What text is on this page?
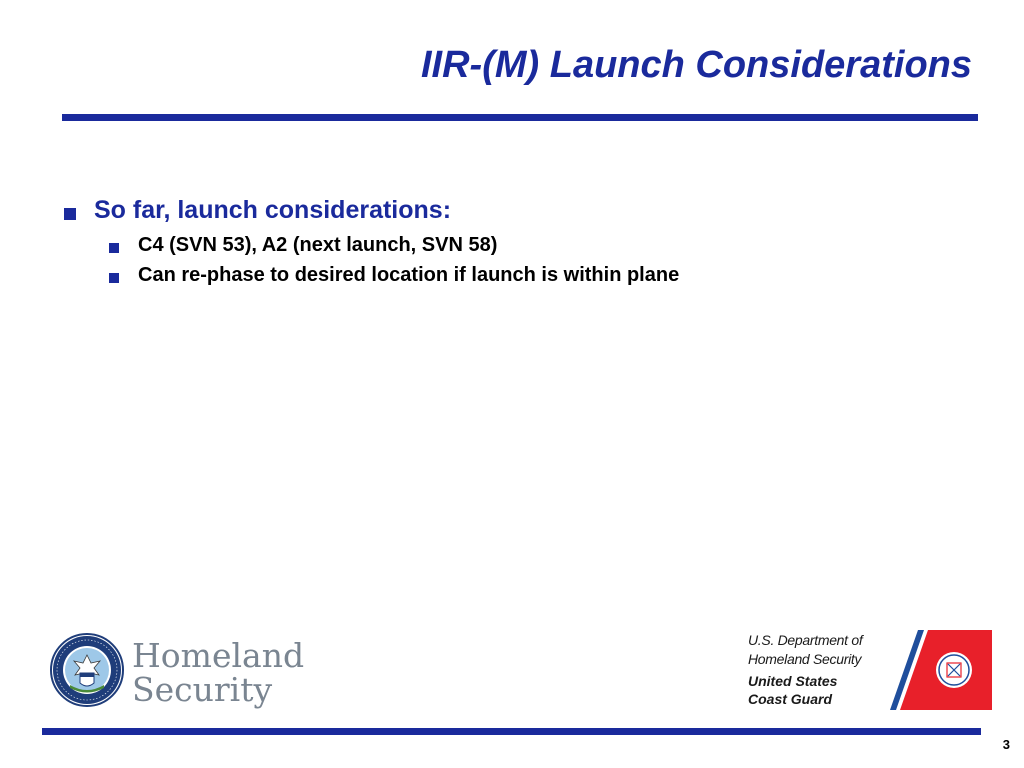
IIR-(M) Launch Considerations
So far, launch considerations:
C4 (SVN 53), A2 (next launch, SVN 58)
Can re-phase to desired location if launch is within plane
Homeland
Security
U.S. Department of
Homeland Security
United States
Coast Guard
3
